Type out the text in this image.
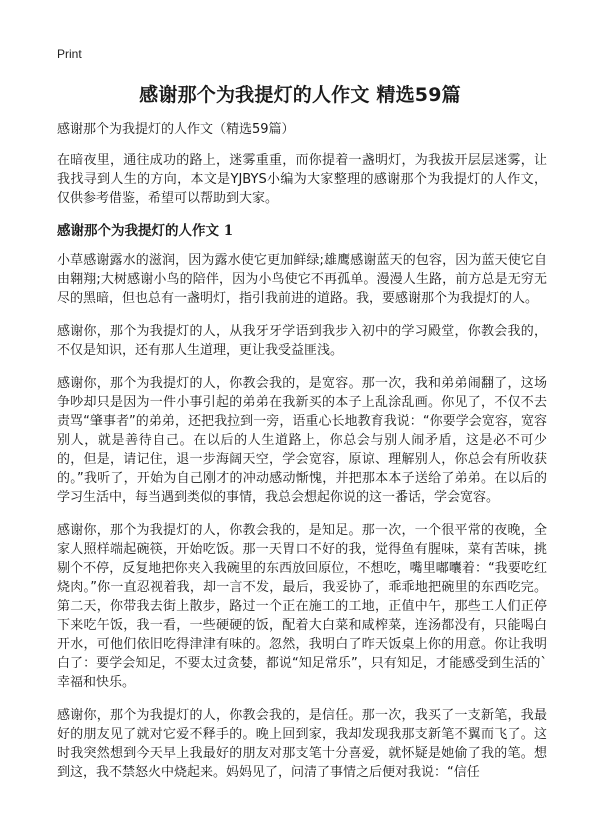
Print
感谢那个为我提灯的人作文 精选59篇
感谢那个为我提灯的人作文（精选59篇）
在暗夜里，通往成功的路上，迷雾重重，而你提着一盏明灯，为我拔开层层迷雾，让我找寻到人生的方向，本文是YJBYS小编为大家整理的感谢那个为我提灯的人作文，仅供参考借鉴，希望可以帮助到大家。
感谢那个为我提灯的人作文 1
小草感谢露水的滋润，因为露水使它更加鲜绿;雄鹰感谢蓝天的包容，因为蓝天使它自由翱翔;大树感谢小鸟的陪伴，因为小鸟使它不再孤单。漫漫人生路，前方总是无穷无尽的黑暗，但也总有一盏明灯，指引我前进的道路。我，要感谢那个为我提灯的人。
感谢你，那个为我提灯的人，从我牙牙学语到我步入初中的学习殿堂，你教会我的，不仅是知识，还有那人生道理，更让我受益匪浅。
感谢你，那个为我提灯的人，你教会我的，是宽容。那一次，我和弟弟闹翻了，这场争吵却只是因为一件小事引起的弟弟在我新买的本子上乱涂乱画。你见了，不仅不去责骂“肇事者”的弟弟，还把我拉到一旁，语重心长地教育我说：“你要学会宽容，宽容别人，就是善待自己。在以后的人生道路上，你总会与别人闹矛盾，这是必不可少的，但是，请记住，退一步海阔天空，学会宽容，原谅、理解别人，你总会有所收获的。”我听了，开始为自己刚才的冲动感动惭愧，并把那本本子送给了弟弟。在以后的学习生活中，每当遇到类似的事情，我总会想起你说的这一番话，学会宽容。
感谢你，那个为我提灯的人，你教会我的，是知足。那一次，一个很平常的夜晚，全家人照样端起碗筷，开始吃饭。那一天胃口不好的我，觉得鱼有腥味，菜有苦味，挑剔个不停，反复地把你夹入我碗里的东西放回原位，不想吃，嘴里嘟囔着：“我要吃红烧肉。”你一直忍视着我，却一言不发，最后，我妥协了，乖乖地把碗里的东西吃完。第二天，你带我去街上散步，路过一个正在施工的工地，正值中午，那些工人们正停下来吃午饭，我一看，一些硬硬的饭，配着大白菜和咸榨菜，连汤都没有，只能喝白开水，可他们依旧吃得津津有味的。忽然，我明白了昨天饭桌上你的用意。你让我明白了：要学会知足，不要太过贪婪，都说“知足常乐”，只有知足，才能感受到生活的`幸福和快乐。
感谢你，那个为我提灯的人，你教会我的，是信任。那一次，我买了一支新笔，我最好的朋友见了就对它爱不释手的。晚上回到家，我却发现我那支新笔不翼而飞了。这时我突然想到今天早上我最好的朋友对那支笔十分喜爱，就怀疑是她偷了我的笔。想到这，我不禁怒火中烧起来。妈妈见了，问清了事情之后便对我说：“信任
